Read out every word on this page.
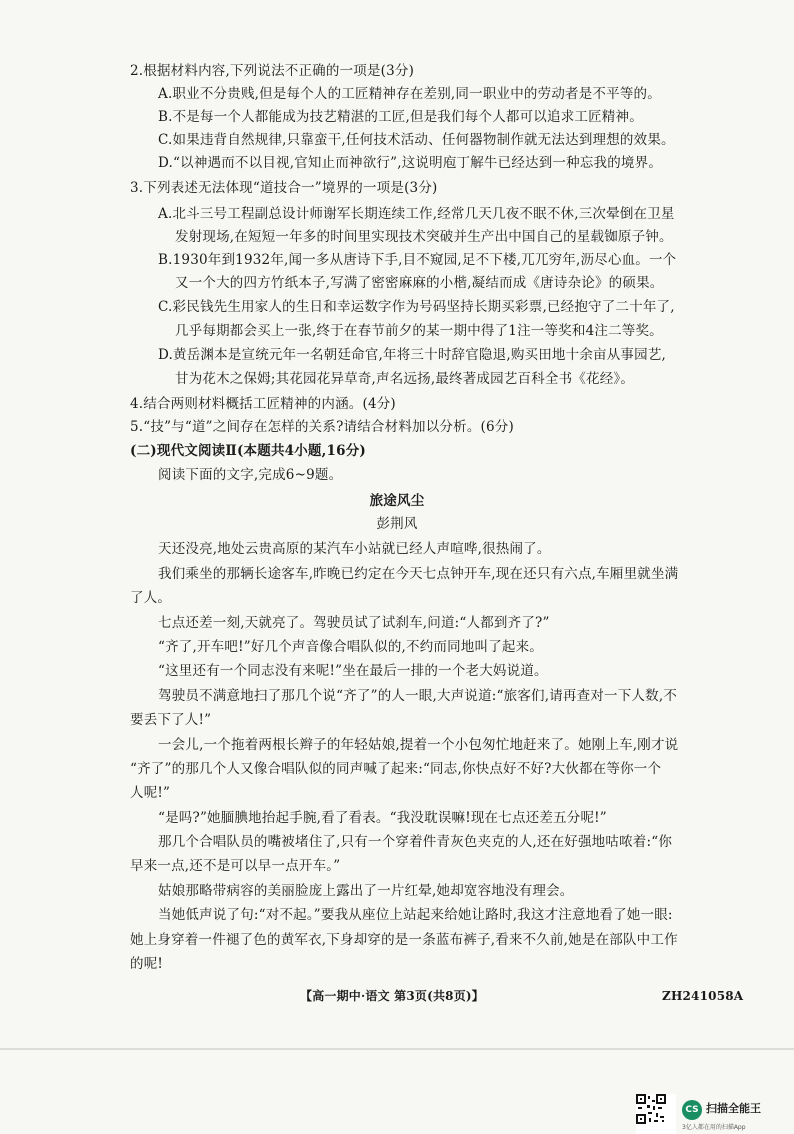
2.根据材料内容,下列说法不正确的一项是(3分)
A.职业不分贵贱,但是每个人的工匠精神存在差别,同一职业中的劳动者是不平等的。
B.不是每一个人都能成为技艺精湛的工匠,但是我们每个人都可以追求工匠精神。
C.如果违背自然规律,只靠蛮干,任何技术活动、任何器物制作就无法达到理想的效果。
D.“以神遇而不以目视,官知止而神欲行”,这说明庖丁解牛已经达到一种忘我的境界。
3.下列表述无法体现“道技合一”境界的一项是(3分)
A.北斗三号工程副总设计师谢军长期连续工作,经常几天几夜不眠不休,三次晕倒在卫星
发射现场,在短短一年多的时间里实现技术突破并生产出中国自己的星载铷原子钟。
B.1930年到1932年,闻一多从唐诗下手,目不窥园,足不下楼,兀兀穷年,沥尽心血。一个
又一个大的四方竹纸本子,写满了密密麻麻的小楷,凝结而成《唐诗杂论》的硕果。
C.彩民钱先生用家人的生日和幸运数字作为号码坚持长期买彩票,已经抱守了二十年了,
几乎每期都会买上一张,终于在春节前夕的某一期中得了1注一等奖和4注二等奖。
D.黄岳渊本是宣统元年一名朝廷命官,年将三十时辞官隐退,购买田地十余亩从事园艺,
甘为花木之保姆;其花园花异草奇,声名远扬,最终著成园艺百科全书《花经》。
4.结合两则材料概括工匠精神的内涵。(4分)
5.“技”与“道”之间存在怎样的关系?请结合材料加以分析。(6分)
(二)现代文阅读Ⅱ(本题共4小题,16分)
阅读下面的文字,完成6~9题。
旅途风尘
彭荆风
天还没亮,地处云贵高原的某汽车小站就已经人声喧哗,很热闹了。
我们乘坐的那辆长途客车,昨晚已约定在今天七点钟开车,现在还只有六点,车厢里就坐满
了人。
七点还差一刻,天就亮了。驾驶员试了试刹车,问道:“人都到齐了?”
“齐了,开车吧!”好几个声音像合唱队似的,不约而同地叫了起来。
“这里还有一个同志没有来呢!”坐在最后一排的一个老大妈说道。
驾驶员不满意地扫了那几个说“齐了”的人一眼,大声说道:“旅客们,请再查对一下人数,不
要丢下了人!”
一会儿,一个拖着两根长辫子的年轻姑娘,提着一个小包匆忙地赶来了。她刚上车,刚才说
“齐了”的那几个人又像合唱队似的同声喊了起来:“同志,你快点好不好?大伙都在等你一个
人呢!”
“是吗?”她腼腆地抬起手腕,看了看表。“我没耽误嘛!现在七点还差五分呢!”
那几个合唱队员的嘴被堵住了,只有一个穿着件青灰色夹克的人,还在好强地咕哝着:“你
早来一点,还不是可以早一点开车。”
姑娘那略带病容的美丽脸庞上露出了一片红晕,她却宽容地没有理会。
当她低声说了句:“对不起。”要我从座位上站起来给她让路时,我这才注意地看了她一眼:
她上身穿着一件褪了色的黄军衣,下身却穿的是一条蓝布裤子,看来不久前,她是在部队中工作
的呢!
【高一期中·语文 第3页(共8页)】	ZH241058A
CS 扫描全能王
3亿人都在用的扫描App
